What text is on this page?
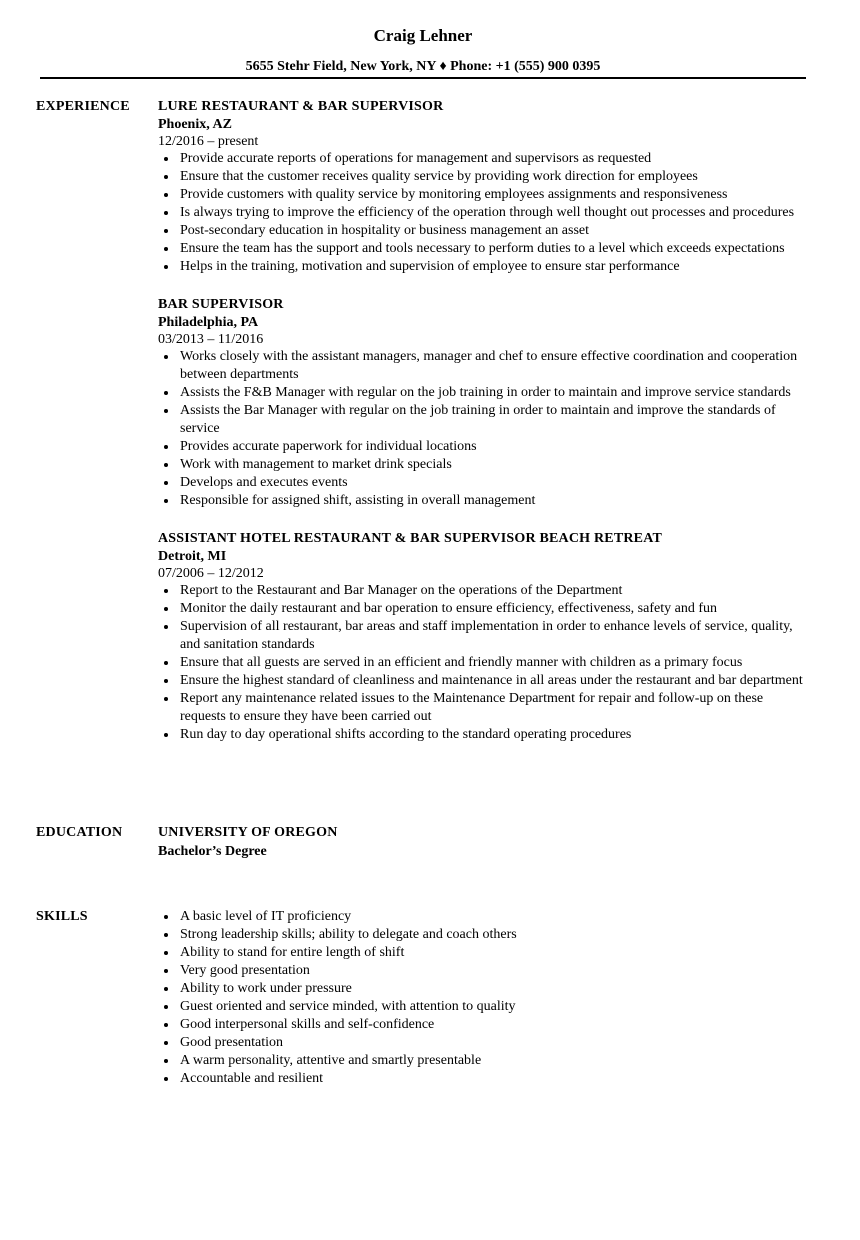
Craig Lehner
5655 Stehr Field, New York, NY ♦ Phone: +1 (555) 900 0395
EXPERIENCE	LURE RESTAURANT & BAR SUPERVISOR
Phoenix, AZ
12/2016 – present
Provide accurate reports of operations for management and supervisors as requested
Ensure that the customer receives quality service by providing work direction for employees
Provide customers with quality service by monitoring employees assignments and responsiveness
Is always trying to improve the efficiency of the operation through well thought out processes and procedures
Post-secondary education in hospitality or business management an asset
Ensure the team has the support and tools necessary to perform duties to a level which exceeds expectations
Helps in the training, motivation and supervision of employee to ensure star performance
BAR SUPERVISOR
Philadelphia, PA
03/2013 – 11/2016
Works closely with the assistant managers, manager and chef to ensure effective coordination and cooperation between departments
Assists the F&B Manager with regular on the job training in order to maintain and improve service standards
Assists the Bar Manager with regular on the job training in order to maintain and improve the standards of service
Provides accurate paperwork for individual locations
Work with management to market drink specials
Develops and executes events
Responsible for assigned shift, assisting in overall management
ASSISTANT HOTEL RESTAURANT & BAR SUPERVISOR BEACH RETREAT
Detroit, MI
07/2006 – 12/2012
Report to the Restaurant and Bar Manager on the operations of the Department
Monitor the daily restaurant and bar operation to ensure efficiency, effectiveness, safety and fun
Supervision of all restaurant, bar areas and staff implementation in order to enhance levels of service, quality, and sanitation standards
Ensure that all guests are served in an efficient and friendly manner with children as a primary focus
Ensure the highest standard of cleanliness and maintenance in all areas under the restaurant and bar department
Report any maintenance related issues to the Maintenance Department for repair and follow-up on these requests to ensure they have been carried out
Run day to day operational shifts according to the standard operating procedures
EDUCATION	UNIVERSITY OF OREGON
Bachelor’s Degree
SKILLS	A basic level of IT proficiency
Strong leadership skills; ability to delegate and coach others
Ability to stand for entire length of shift
Very good presentation
Ability to work under pressure
Guest oriented and service minded, with attention to quality
Good interpersonal skills and self-confidence
Good presentation
A warm personality, attentive and smartly presentable
Accountable and resilient
